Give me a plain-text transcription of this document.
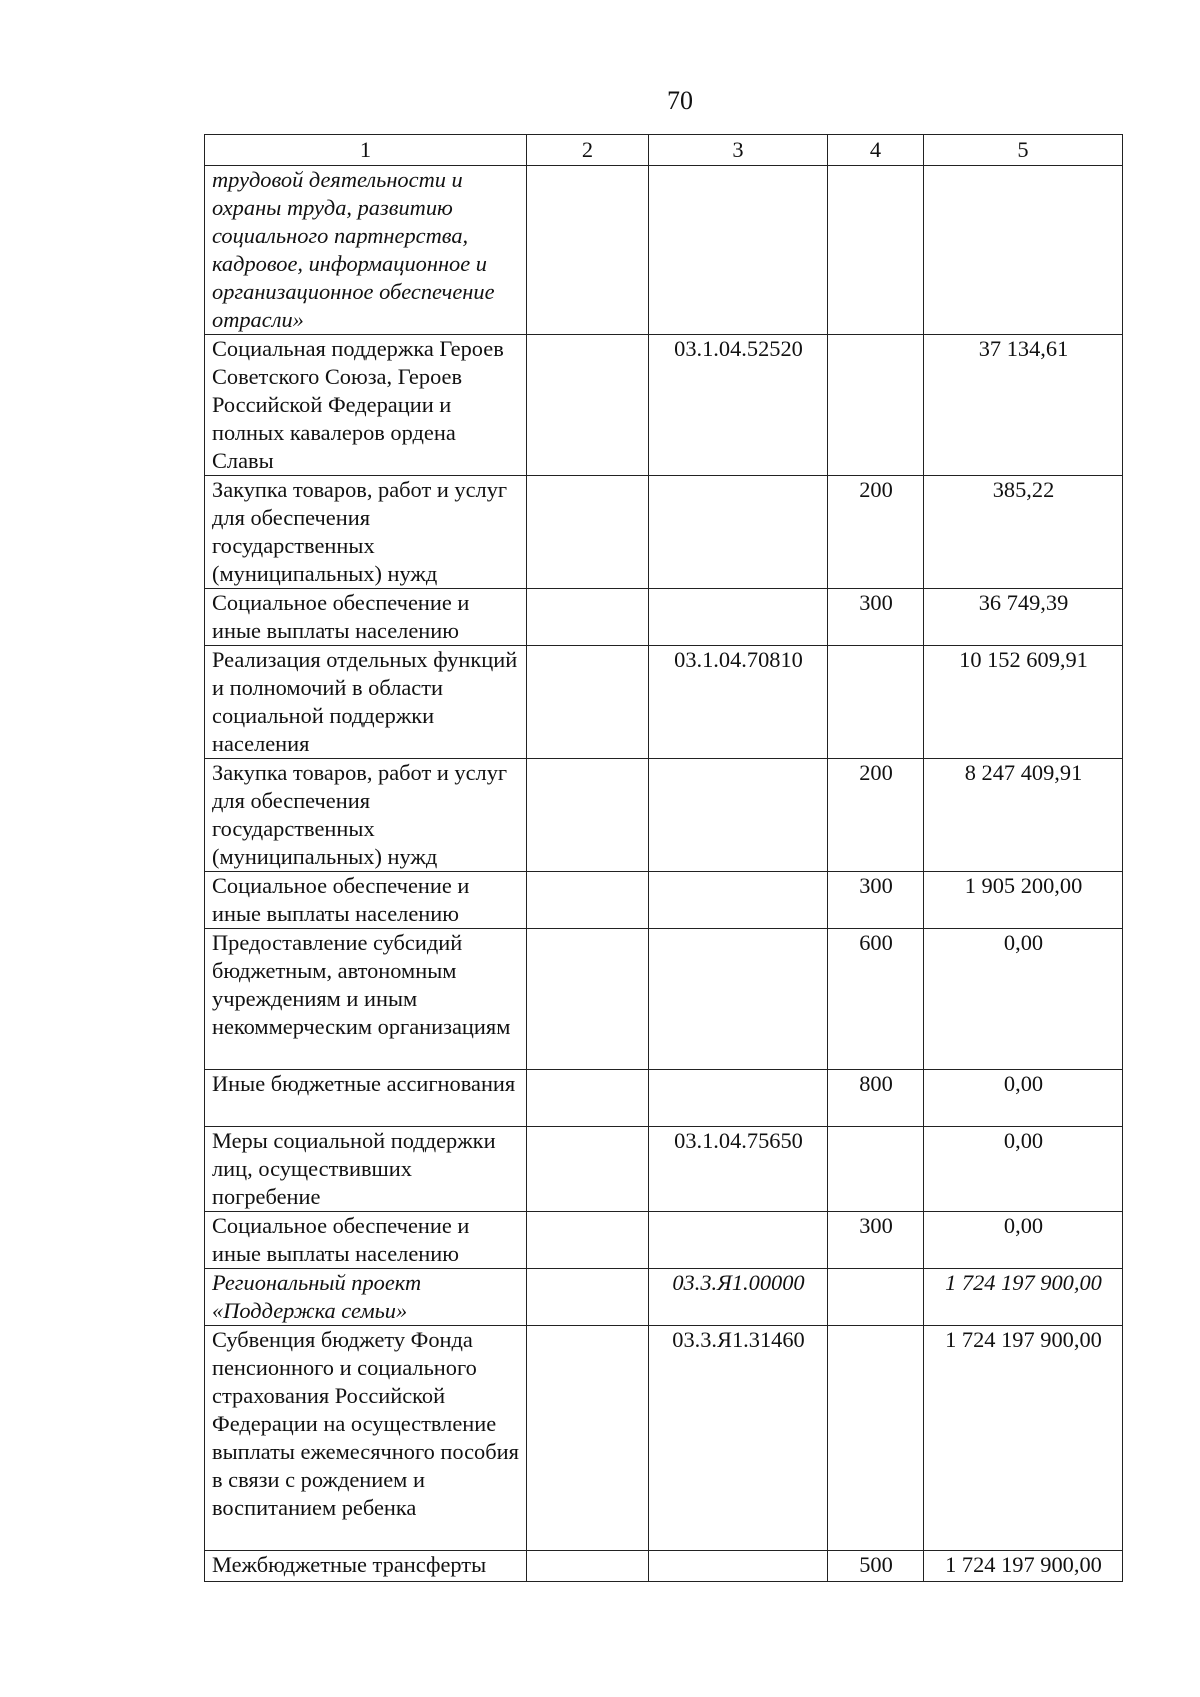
70
1	2	3	4	5
трудовой деятельности и охраны труда, развитию социального партнерства, кадровое, информационное и организационное обеспечение отрасли»				
Социальная поддержка Героев Советского Союза, Героев Российской Федерации и полных кавалеров ордена Славы		03.1.04.52520		37 134,61
Закупка товаров, работ и услуг для обеспечения государственных (муниципальных) нужд			200	385,22
Социальное обеспечение и иные выплаты населению			300	36 749,39
Реализация отдельных функций и полномочий в области социальной поддержки населения		03.1.04.70810		10 152 609,91
Закупка товаров, работ и услуг для обеспечения государственных (муниципальных) нужд			200	8 247 409,91
Социальное обеспечение и иные выплаты населению			300	1 905 200,00
Предоставление субсидий бюджетным, автономным учреждениям и иным некоммерческим организациям			600	0,00
Иные бюджетные ассигнования			800	0,00
Меры социальной поддержки лиц, осуществивших погребение		03.1.04.75650		0,00
Социальное обеспечение и иные выплаты населению			300	0,00
Региональный проект «Поддержка семьи»		03.3.Я1.00000		1 724 197 900,00
Субвенция бюджету Фонда пенсионного и социального страхования Российской Федерации на осуществление выплаты ежемесячного пособия в связи с рождением и воспитанием ребенка		03.3.Я1.31460		1 724 197 900,00
Межбюджетные трансферты			500	1 724 197 900,00
